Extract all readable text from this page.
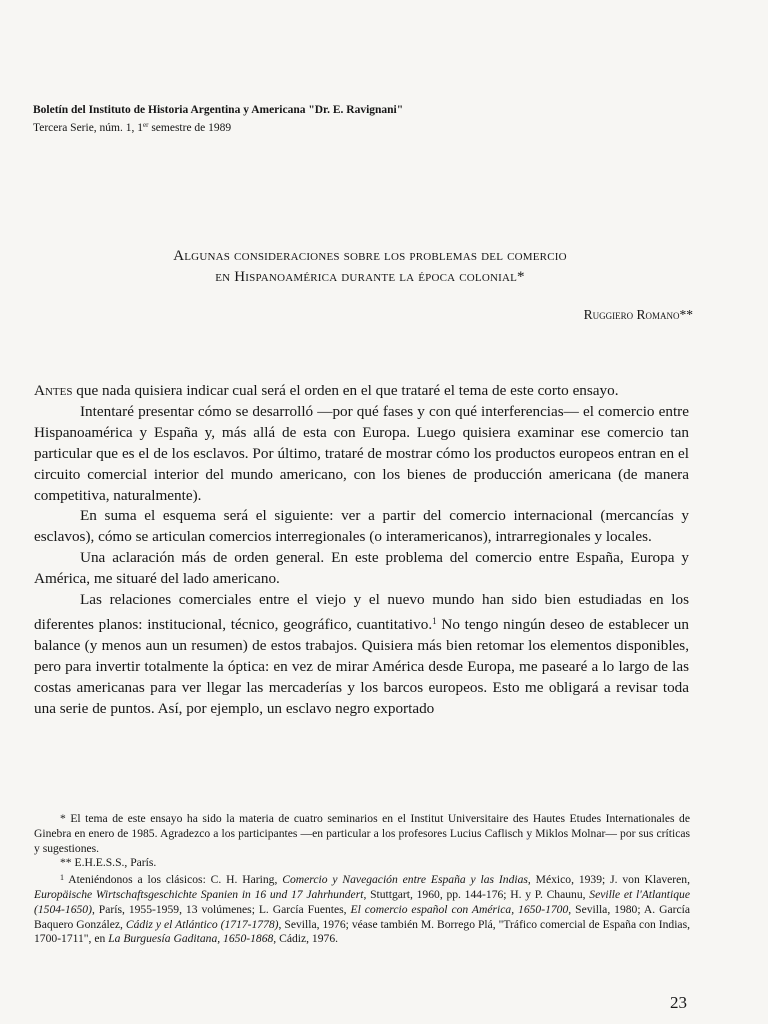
Boletín del Instituto de Historia Argentina y Americana "Dr. E. Ravignani"
Tercera Serie, núm. 1, 1er semestre de 1989
Algunas consideraciones sobre los problemas del comercio
en Hispanoamérica durante la época colonial*
Ruggiero Romano**

Antes que nada quisiera indicar cual será el orden en el que trataré el tema de este corto ensayo.

Intentaré presentar cómo se desarrolló —por qué fases y con qué interferencias— el comercio entre Hispanoamérica y España y, más allá de esta con Europa. Luego quisiera examinar ese comercio tan particular que es el de los esclavos. Por último, trataré de mostrar cómo los productos europeos entran en el circuito comercial interior del mundo americano, con los bienes de producción americana (de manera competitiva, naturalmente).

En suma el esquema será el siguiente: ver a partir del comercio internacional (mercancías y esclavos), cómo se articulan comercios interregionales (o interamericanos), intrarregionales y locales.

Una aclaración más de orden general. En este problema del comercio entre España, Europa y América, me situaré del lado americano.

Las relaciones comerciales entre el viejo y el nuevo mundo han sido bien estudiadas en los diferentes planos: institucional, técnico, geográfico, cuantitativo.$^1$ No tengo ningún deseo de establecer un balance (y menos aun un resumen) de estos trabajos. Quisiera más bien retomar los elementos disponibles, pero para invertir totalmente la óptica: en vez de mirar América desde Europa, me pasearé a lo largo de las costas americanas para ver llegar las mercaderías y los barcos europeos. Esto me obligará a revisar toda una serie de puntos. Así, por ejemplo, un esclavo negro exportado

* El tema de este ensayo ha sido la materia de cuatro seminarios en el Institut Universitaire des Hautes Etudes Internationales de Ginebra en enero de 1985. Agradezco a los participantes —en particular a los profesores Lucius Caflisch y Miklos Molnar— por sus críticas y sugestiones.

** E.H.E.S.S., París.

$^1$ Ateniéndonos a los clásicos: C. H. Haring, Comercio y Navegación entre España y las Indias, México, 1939; J. von Klaveren, Europäische Wirtschaftsgeschichte Spanien in 16 und 17 Jahrhundert, Stuttgart, 1960, pp. 144-176; H. y P. Chaunu, Seville et l'Atlantique (1504-1650), París, 1955-1959, 13 volúmenes; L. García Fuentes, El comercio español con América, 1650-1700, Sevilla, 1980; A. García Baquero González, Cádiz y el Atlántico (1717-1778), Sevilla, 1976; véase también M. Borrego Plá, "Tráfico comercial de España con Indias, 1700-1711", en La Burguesía Gaditana, 1650-1868, Cádiz, 1976.

23
